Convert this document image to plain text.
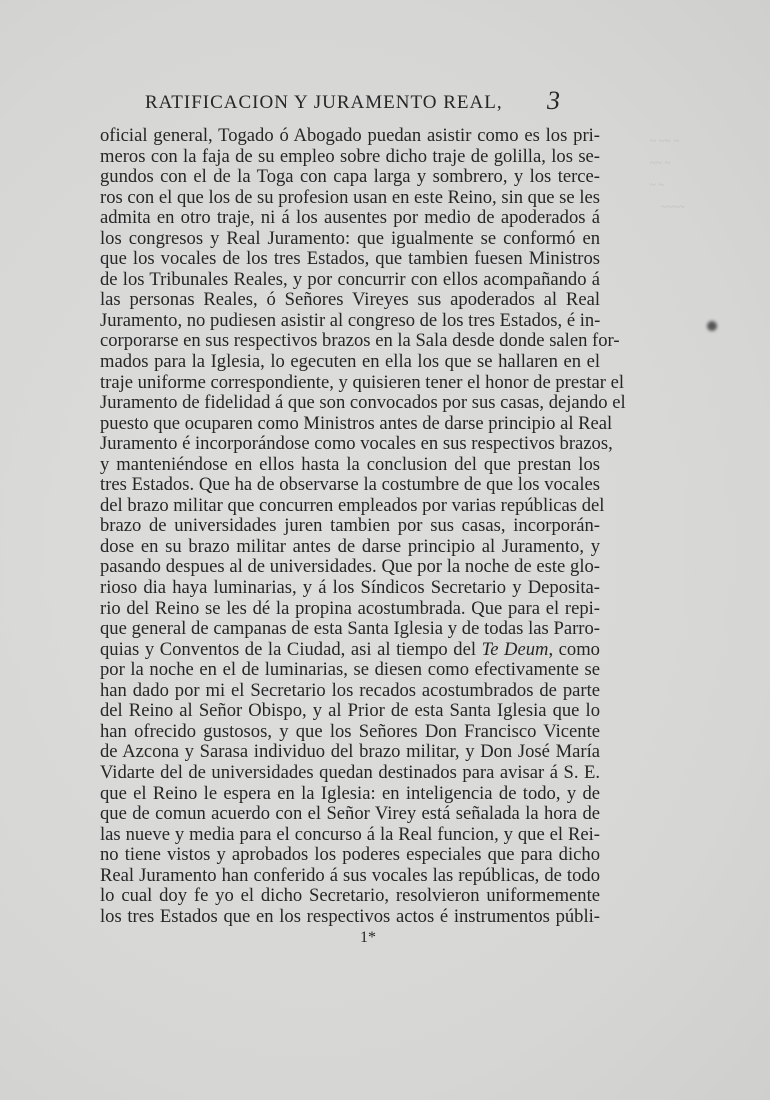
~ ~~ ~
~~ ~
~ ~
~~~~
RATIFICACION Y JURAMENTO REAL, 3
oficial general, Togado ó Abogado puedan asistir como es los pri-
meros con la faja de su empleo sobre dicho traje de golilla, los se-
gundos con el de la Toga con capa larga y sombrero, y los terce-
ros con el que los de su profesion usan en este Reino, sin que se les
admita en otro traje, ni á los ausentes por medio de apoderados á
los congresos y Real Juramento: que igualmente se conformó en
que los vocales de los tres Estados, que tambien fuesen Ministros
de los Tribunales Reales, y por concurrir con ellos acompañando á
las personas Reales, ó Señores Vireyes sus apoderados al Real
Juramento, no pudiesen asistir al congreso de los tres Estados, é in-
corporarse en sus respectivos brazos en la Sala desde donde salen for-
mados para la Iglesia, lo egecuten en ella los que se hallaren en el
traje uniforme correspondiente, y quisieren tener el honor de prestar el
Juramento de fidelidad á que son convocados por sus casas, dejando el
puesto que ocuparen como Ministros antes de darse principio al Real
Juramento é incorporándose como vocales en sus respectivos brazos,
y manteniéndose en ellos hasta la conclusion del que prestan los
tres Estados. Que ha de observarse la costumbre de que los vocales
del brazo militar que concurren empleados por varias repúblicas del
brazo de universidades juren tambien por sus casas, incorporán-
dose en su brazo militar antes de darse principio al Juramento, y
pasando despues al de universidades. Que por la noche de este glo-
rioso dia haya luminarias, y á los Síndicos Secretario y Deposita-
rio del Reino se les dé la propina acostumbrada. Que para el repi-
que general de campanas de esta Santa Iglesia y de todas las Parro-
quias y Conventos de la Ciudad, asi al tiempo del Te Deum, como
por la noche en el de luminarias, se diesen como efectivamente se
han dado por mi el Secretario los recados acostumbrados de parte
del Reino al Señor Obispo, y al Prior de esta Santa Iglesia que lo
han ofrecido gustosos, y que los Señores Don Francisco Vicente
de Azcona y Sarasa individuo del brazo militar, y Don José María
Vidarte del de universidades quedan destinados para avisar á S. E.
que el Reino le espera en la Iglesia: en inteligencia de todo, y de
que de comun acuerdo con el Señor Virey está señalada la hora de
las nueve y media para el concurso á la Real funcion, y que el Rei-
no tiene vistos y aprobados los poderes especiales que para dicho
Real Juramento han conferido á sus vocales las repúblicas, de todo
lo cual doy fe yo el dicho Secretario, resolvieron uniformemente
los tres Estados que en los respectivos actos é instrumentos públi-
1*
